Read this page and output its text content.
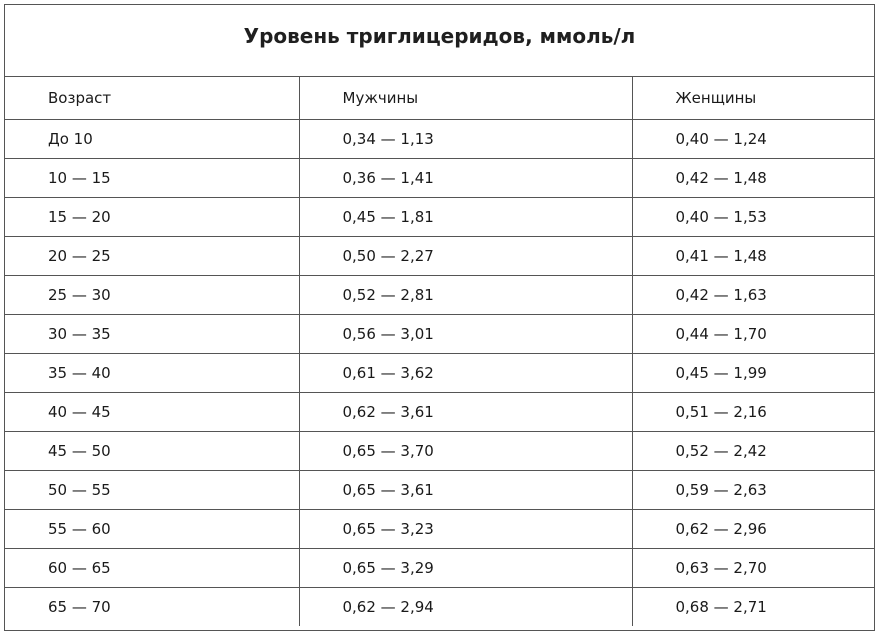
Уровень триглицеридов, ммоль/л
Возраст	Мужчины	Женщины
До 10	0,34 — 1,13	0,40 — 1,24
10 — 15	0,36 — 1,41	0,42 — 1,48
15 — 20	0,45 — 1,81	0,40 — 1,53
20 — 25	0,50 — 2,27	0,41 — 1,48
25 — 30	0,52 — 2,81	0,42 — 1,63
30 — 35	0,56 — 3,01	0,44 — 1,70
35 — 40	0,61 — 3,62	0,45 — 1,99
40 — 45	0,62 — 3,61	0,51 — 2,16
45 — 50	0,65 — 3,70	0,52 — 2,42
50 — 55	0,65 — 3,61	0,59 — 2,63
55 — 60	0,65 — 3,23	0,62 — 2,96
60 — 65	0,65 — 3,29	0,63 — 2,70
65 — 70	0,62 — 2,94	0,68 — 2,71
